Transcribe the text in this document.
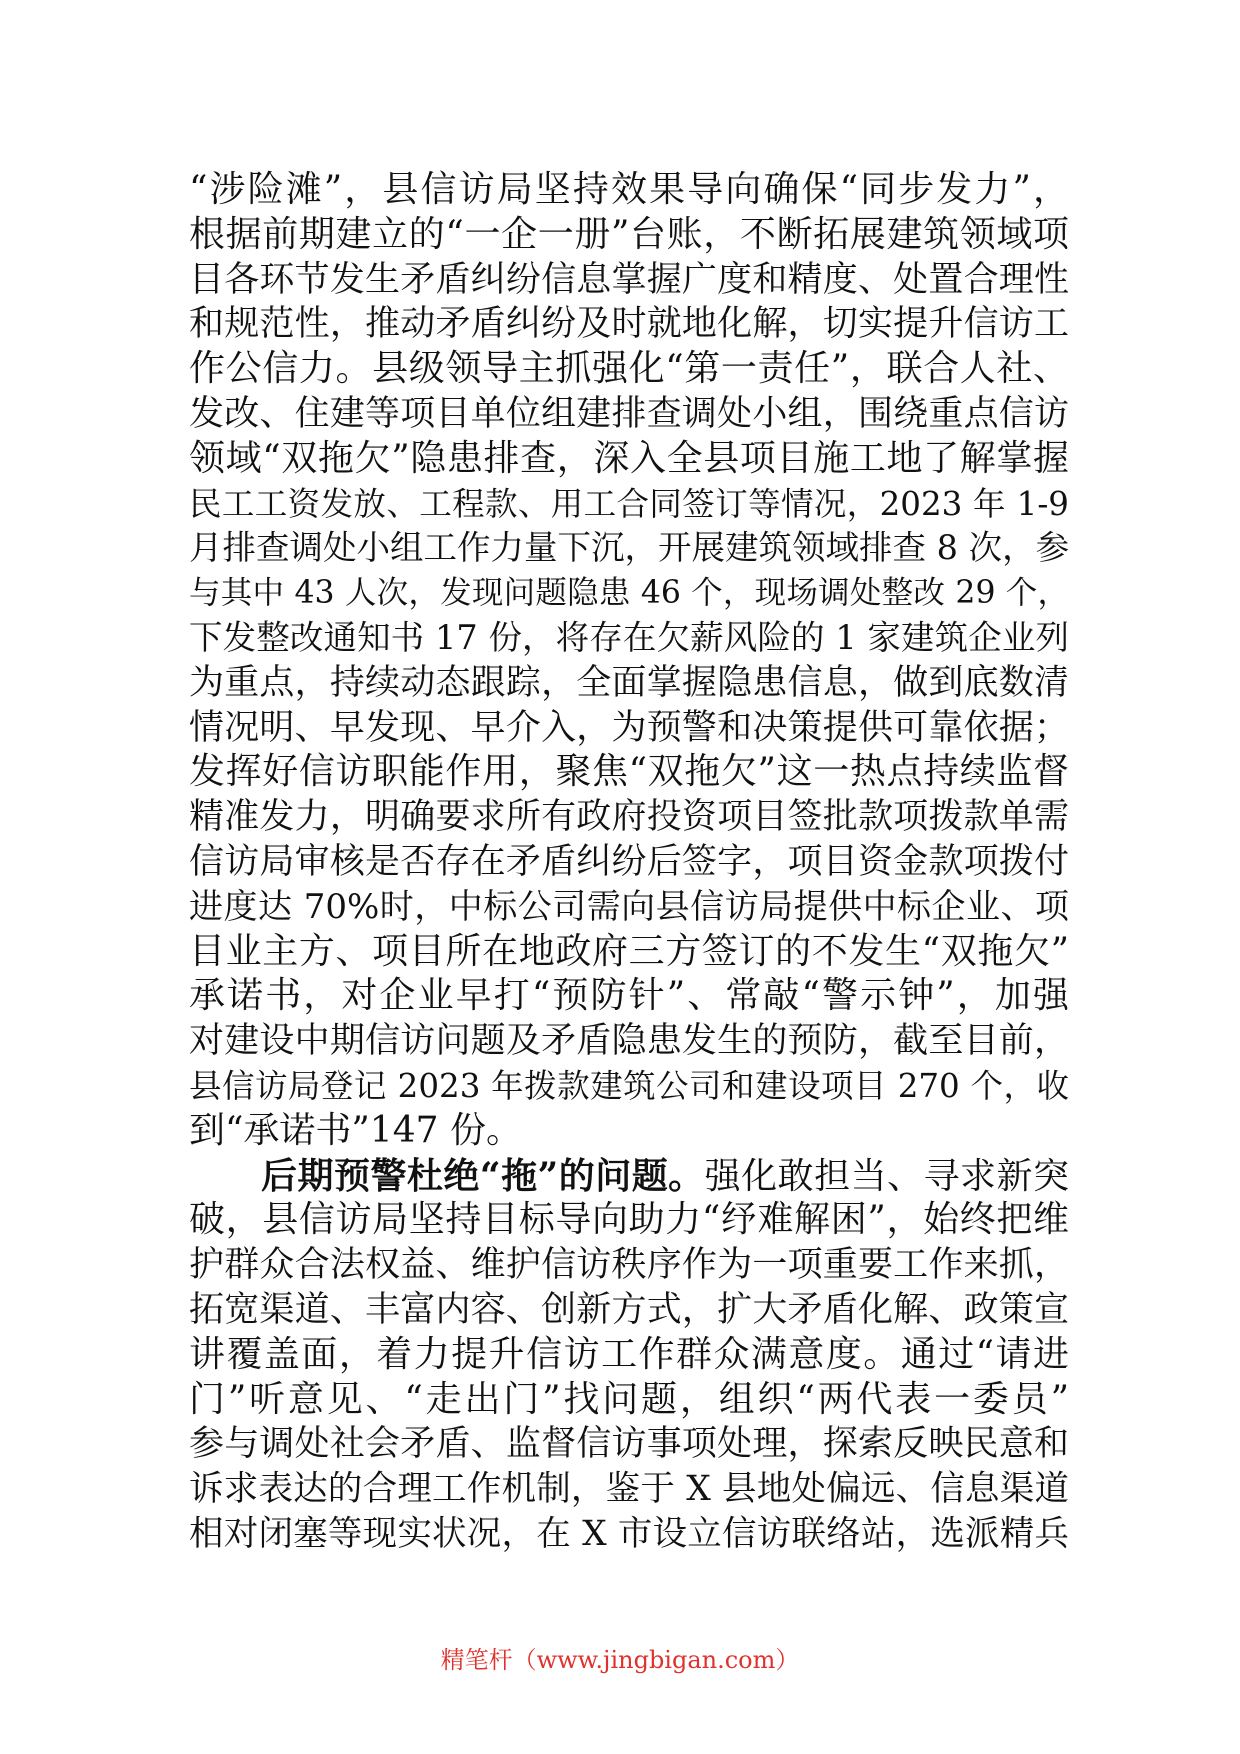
“涉险滩”，县信访局坚持效果导向确保“同步发力”，
根据前期建立的“一企一册”台账，不断拓展建筑领域项
目各环节发生矛盾纠纷信息掌握广度和精度、处置合理性
和规范性，推动矛盾纠纷及时就地化解，切实提升信访工
作公信力。县级领导主抓强化“第一责任”，联合人社、
发改、住建等项目单位组建排查调处小组，围绕重点信访
领域“双拖欠”隐患排查，深入全县项目施工地了解掌握
民工工资发放、工程款、用工合同签订等情况，2023 年 1-9
月排查调处小组工作力量下沉，开展建筑领域排查 8 次，参
与其中 43 人次，发现问题隐患 46 个，现场调处整改 29 个，
下发整改通知书 17 份，将存在欠薪风险的 1 家建筑企业列
为重点，持续动态跟踪，全面掌握隐患信息，做到底数清
情况明、早发现、早介入，为预警和决策提供可靠依据；
发挥好信访职能作用，聚焦“双拖欠”这一热点持续监督
精准发力，明确要求所有政府投资项目签批款项拨款单需
信访局审核是否存在矛盾纠纷后签字，项目资金款项拨付
进度达 70%时，中标公司需向县信访局提供中标企业、项
目业主方、项目所在地政府三方签订的不发生“双拖欠”
承诺书，对企业早打“预防针”、常敲“警示钟”，加强
对建设中期信访问题及矛盾隐患发生的预防，截至目前，
县信访局登记 2023 年拨款建筑公司和建设项目 270 个，收
到“承诺书”147 份。
后期预警杜绝“拖”的问题。强化敢担当、寻求新突
破，县信访局坚持目标导向助力“纾难解困”，始终把维
护群众合法权益、维护信访秩序作为一项重要工作来抓，
拓宽渠道、丰富内容、创新方式，扩大矛盾化解、政策宣
讲覆盖面，着力提升信访工作群众满意度。通过“请进
门”听意见、“走出门”找问题，组织“两代表一委员”
参与调处社会矛盾、监督信访事项处理，探索反映民意和
诉求表达的合理工作机制，鉴于 X 县地处偏远、信息渠道
相对闭塞等现实状况，在 X 市设立信访联络站，选派精兵
精笔杆（www.jingbigan.com）
